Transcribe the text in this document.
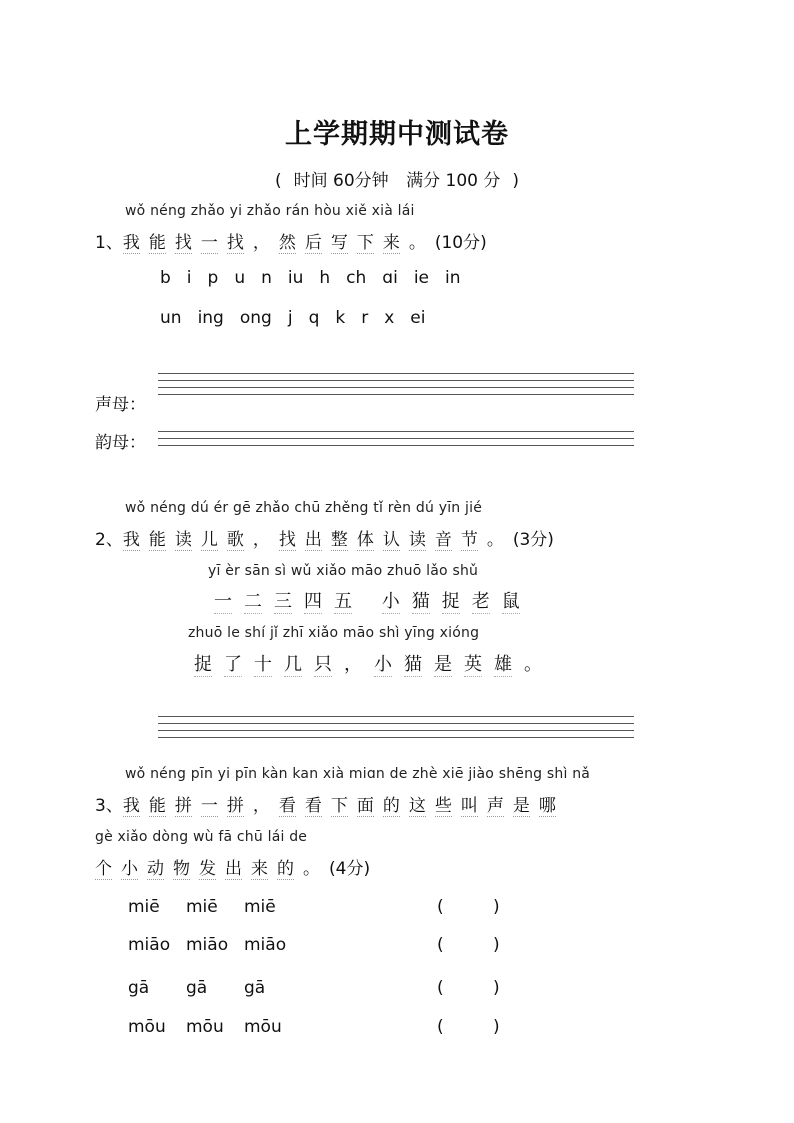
上学期期中测试卷
( 时间 60分钟 满分 100 分 )
wǒ néng zhǎo yi zhǎo rán hòu xiě xià lái
1、我 能 找 一 找 ， 然 后 写 下 来 。 (10分)
b i p u n iu h ch ɑi ie in
un ing ong j q k r x ei
声母：
韵母：
wǒ néng dú ér gē zhǎo chū zhěng tǐ rèn dú yīn jié
2、我 能 读 儿 歌 ， 找 出 整 体 认 读 音 节 。 (3分)
yī èr sān sì wǔ xiǎo māo zhuō lǎo shǔ
一 二 三 四 五 小 猫 捉 老 鼠
zhuō le shí jǐ zhī xiǎo māo shì yīng xióng
捉 了 十 几 只 ， 小 猫 是 英 雄 。
wǒ néng pīn yi pīn kàn kan xià miɑn de zhè xiē jiào shēng shì nǎ
3、我 能 拼 一 拼 ， 看 看 下 面 的 这 些 叫 声 是 哪
gè xiǎo dòng wù fā chū lái de
个 小 动 物 发 出 来 的 。 (4分)
miē miē miē	(	)
miāo miāo miāo	(	)
gā gā gā	(	)
mōu mōu mōu	(	)
